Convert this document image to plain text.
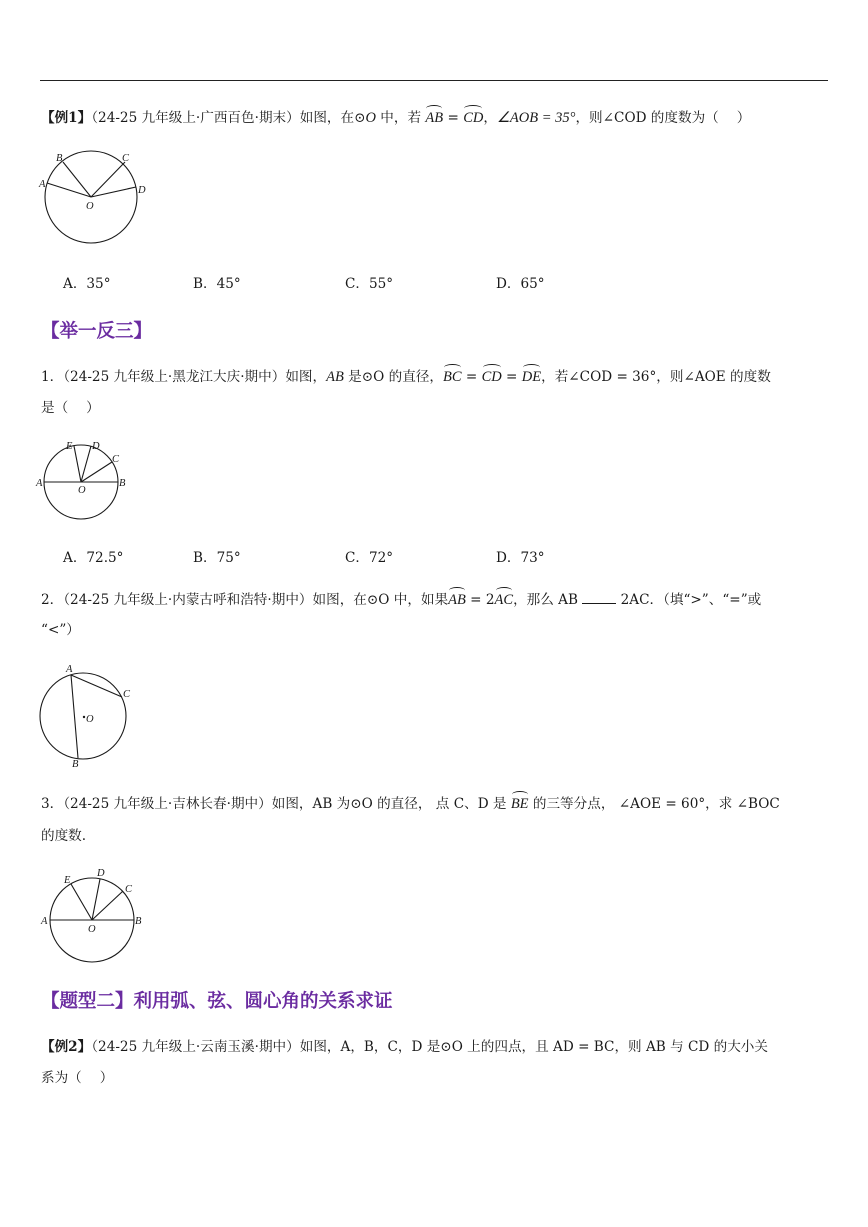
【例1】（24-25 九年级上·广西百色·期末）如图，在⊙O 中，若 AB = CD，∠AOB = 35°，则∠COD 的度数为（　 ）
A
B	C
D
O
A．35°	B．45°	C．55°	D．65°
【举一反三】
1．（24-25 九年级上·黑龙江大庆·期中）如图，AB 是⊙O 的直径，BC = CD = DE，若∠COD = 36°，则∠AOE 的度数
是（　 ）
A	B
C
D
E
O
A．72.5°	B．75°	C．72°	D．73°
2．（24-25 九年级上·内蒙古呼和浩特·期中）如图，在⊙O 中，如果AB = 2AC，那么 AB	2AC．（填“>”、“=”或
“<”）
A
C
B
O
3．（24-25 九年级上·吉林长春·期中）如图，AB 为⊙O 的直径， 点 C、D 是 BE 的三等分点， ∠AOE = 60°，求 ∠BOC
的度数.
A	B
C
D
E
O
【题型二】利用弧、弦、圆心角的关系求证
【例2】（24-25 九年级上·云南玉溪·期中）如图，A，B，C，D 是⊙O 上的四点，且 AD = BC，则 AB 与 CD 的大小关
系为（　 ）
